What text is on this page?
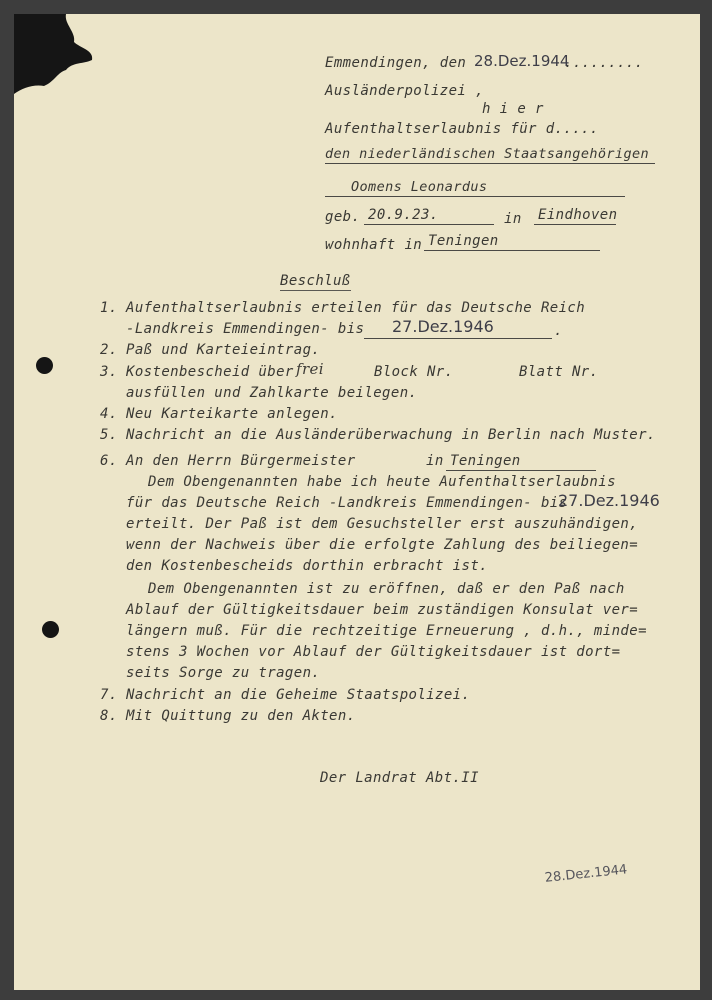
Emmendingen, den 28.Dez.1944
.........
Ausländerpolizei ,
h i e r
Aufenthaltserlaubnis für d.....
den niederländischen Staatsangehörigen
Oomens Leonardus
geb. 20.9.23.	in Eindhoven
wohnhaft in Teningen
Beschluß
1. Aufenthaltserlaubnis erteilen für das Deutsche Reich
-Landkreis Emmendingen- bis 27.Dez.1946	.
2. Paß und Karteieintrag.
3. Kostenbescheid über frei	Block Nr.	Blatt Nr.
ausfüllen und Zahlkarte beilegen.
4. Neu Karteikarte anlegen.
5. Nachricht an die Ausländerüberwachung in Berlin nach Muster.
6. An den Herrn Bürgermeister	in Teningen
Dem Obengenannten habe ich heute Aufenthaltserlaubnis
für das Deutsche Reich -Landkreis Emmendingen- bis
27.Dez.1946
erteilt. Der Paß ist dem Gesuchsteller erst auszuhändigen,
wenn der Nachweis über die erfolgte Zahlung des beiliegen=
den Kostenbescheids dorthin erbracht ist.
Dem Obengenannten ist zu eröffnen, daß er den Paß nach
Ablauf der Gültigkeitsdauer beim zuständigen Konsulat ver=
längern muß. Für die rechtzeitige Erneuerung , d.h., minde=
stens 3 Wochen vor Ablauf der Gültigkeitsdauer ist dort=
seits Sorge zu tragen.
7. Nachricht an die Geheime Staatspolizei.
8. Mit Quittung zu den Akten.
Der Landrat Abt.II
28.Dez.1944
